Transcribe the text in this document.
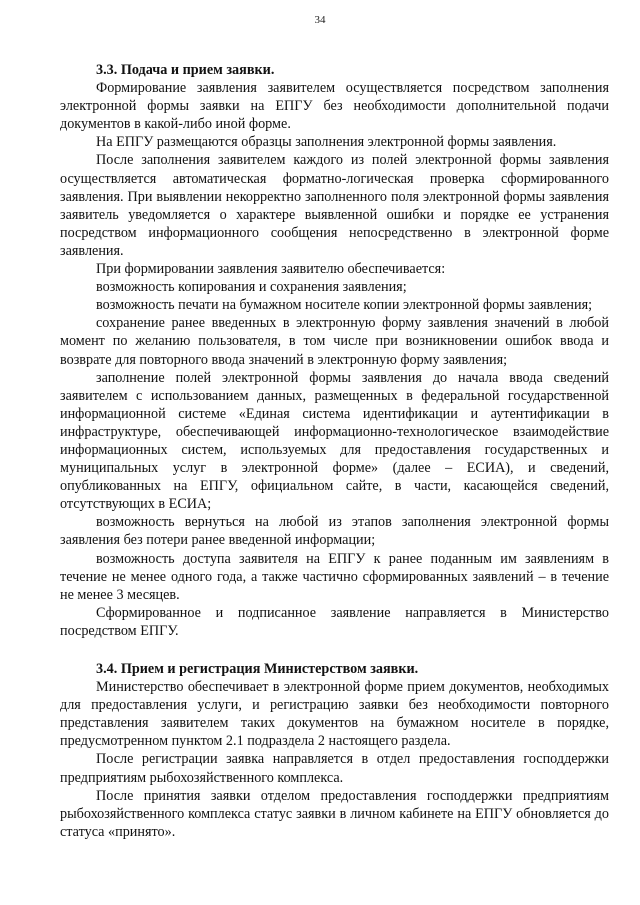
34

3.3. Подача и прием заявки.

Формирование заявления заявителем осуществляется посредством заполнения электронной формы заявки на ЕПГУ без необходимости дополнительной подачи документов в какой-либо иной форме.

На ЕПГУ размещаются образцы заполнения электронной формы заявления.

После заполнения заявителем каждого из полей электронной формы заявления осуществляется автоматическая форматно-логическая проверка сформированного заявления. При выявлении некорректно заполненного поля электронной формы заявления заявитель уведомляется о характере выявленной ошибки и порядке ее устранения посредством информационного сообщения непосредственно в электронной форме заявления.

При формировании заявления заявителю обеспечивается:

возможность копирования и сохранения заявления;

возможность печати на бумажном носителе копии электронной формы заявления;

сохранение ранее введенных в электронную форму заявления значений в любой момент по желанию пользователя, в том числе при возникновении ошибок ввода и возврате для повторного ввода значений в электронную форму заявления;

заполнение полей электронной формы заявления до начала ввода сведений заявителем с использованием данных, размещенных в федеральной государственной информационной системе «Единая система идентификации и аутентификации в инфраструктуре, обеспечивающей информационно-технологическое взаимодействие информационных систем, используемых для предоставления государственных и муниципальных услуг в электронной форме» (далее – ЕСИА), и сведений, опубликованных на ЕПГУ, официальном сайте, в части, касающейся сведений, отсутствующих в ЕСИА;

возможность вернуться на любой из этапов заполнения электронной формы заявления без потери ранее введенной информации;

возможность доступа заявителя на ЕПГУ к ранее поданным им заявлениям в течение не менее одного года, а также частично сформированных заявлений – в течение не менее 3 месяцев.

Сформированное и подписанное заявление направляется в Министерство посредством ЕПГУ.

3.4. Прием и регистрация Министерством заявки.

Министерство обеспечивает в электронной форме прием документов, необходимых для предоставления услуги, и регистрацию заявки без необходимости повторного представления заявителем таких документов на бумажном носителе в порядке, предусмотренном пунктом 2.1 подраздела 2 настоящего раздела.

После регистрации заявка направляется в отдел предоставления господдержки предприятиям рыбохозяйственного комплекса.

После принятия заявки отделом предоставления господдержки предприятиям рыбохозяйственного комплекса статус заявки в личном кабинете на ЕПГУ обновляется до статуса «принято».
